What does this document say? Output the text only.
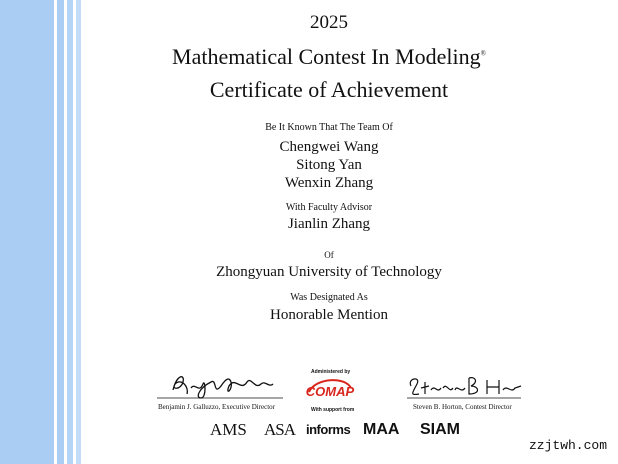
2025
Mathematical Contest In Modeling®
Certificate of Achievement
Be It Known That The Team Of
Chengwei Wang
Sitong Yan
Wenxin Zhang
With Faculty Advisor
Jianlin Zhang
Of
Zhongyuan University of Technology
Was Designated As
Honorable Mention
Benjamin J. Galluzzo, Executive Director
Administered by
COMAP
With support from	Steven B. Horton, Contest Director
AMS ASA informs MAA SIAM
zzjtwh.com
